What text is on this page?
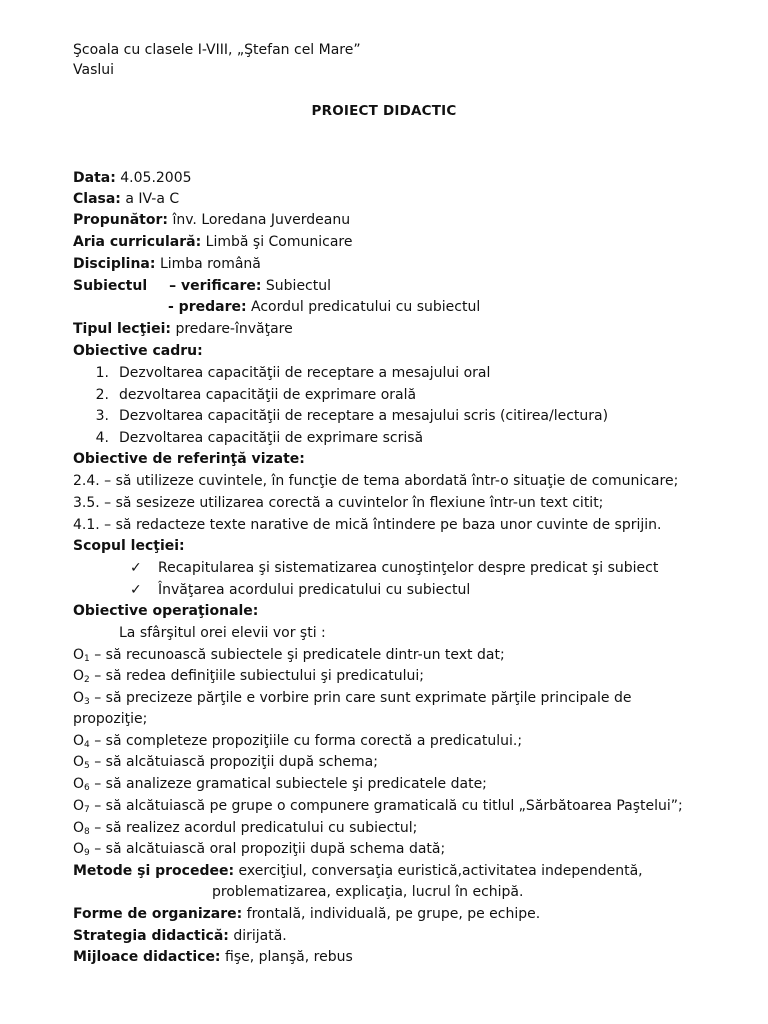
Şcoala cu clasele I-VIII, „Ştefan cel Mare”
Vaslui
PROIECT DIDACTIC
Data: 4.05.2005
Clasa: a IV-a C
Propunător: înv. Loredana Juverdeanu
Aria curriculară: Limbă şi Comunicare
Disciplina: Limba română
Subiectul – verificare: Subiectul
- predare: Acordul predicatului cu subiectul
Tipul lecţiei: predare-învăţare
Obiective cadru:
1. Dezvoltarea capacităţii de receptare a mesajului oral
2. dezvoltarea capacităţii de exprimare orală
3. Dezvoltarea capacităţii de receptare a mesajului scris (citirea/lectura)
4. Dezvoltarea capacităţii de exprimare scrisă
Obiective de referinţă vizate:
2.4. – să utilizeze cuvintele, în funcţie de tema abordată într-o situaţie de comunicare;
3.5. – să sesizeze utilizarea corectă a cuvintelor în flexiune într-un text citit;
4.1. – să redacteze texte narative de mică întindere pe baza unor cuvinte de sprijin.
Scopul lecţiei:
✓ Recapitularea şi sistematizarea cunoştinţelor despre predicat şi subiect
✓ Învăţarea acordului predicatului cu subiectul
Obiective operaţionale:
La sfârşitul orei elevii vor şti :
$O_1$ – să recunoască subiectele şi predicatele dintr-un text dat;
$O_2$ – să redea definiţiile subiectului şi predicatului;
$O_3$ – să precizeze părţile e vorbire prin care sunt exprimate părţile principale de
propoziţie;
$O_4$ – să completeze propoziţiile cu forma corectă a predicatului.;
$O_5$ – să alcătuiască propoziţii după schema;
$O_6$ – să analizeze gramatical subiectele şi predicatele date;
$O_7$ – să alcătuiască pe grupe o compunere gramaticală cu titlul „Sărbătoarea Paştelui”;
$O_8$ – să realizez acordul predicatului cu subiectul;
$O_9$ – să alcătuiască oral propoziţii după schema dată;
Metode şi procedee: exerciţiul, conversaţia euristică,activitatea independentă,
problematizarea, explicaţia, lucrul în echipă.
Forme de organizare: frontală, individuală, pe grupe, pe echipe.
Strategia didactică: dirijată.
Mijloace didactice: fişe, planşă, rebus
